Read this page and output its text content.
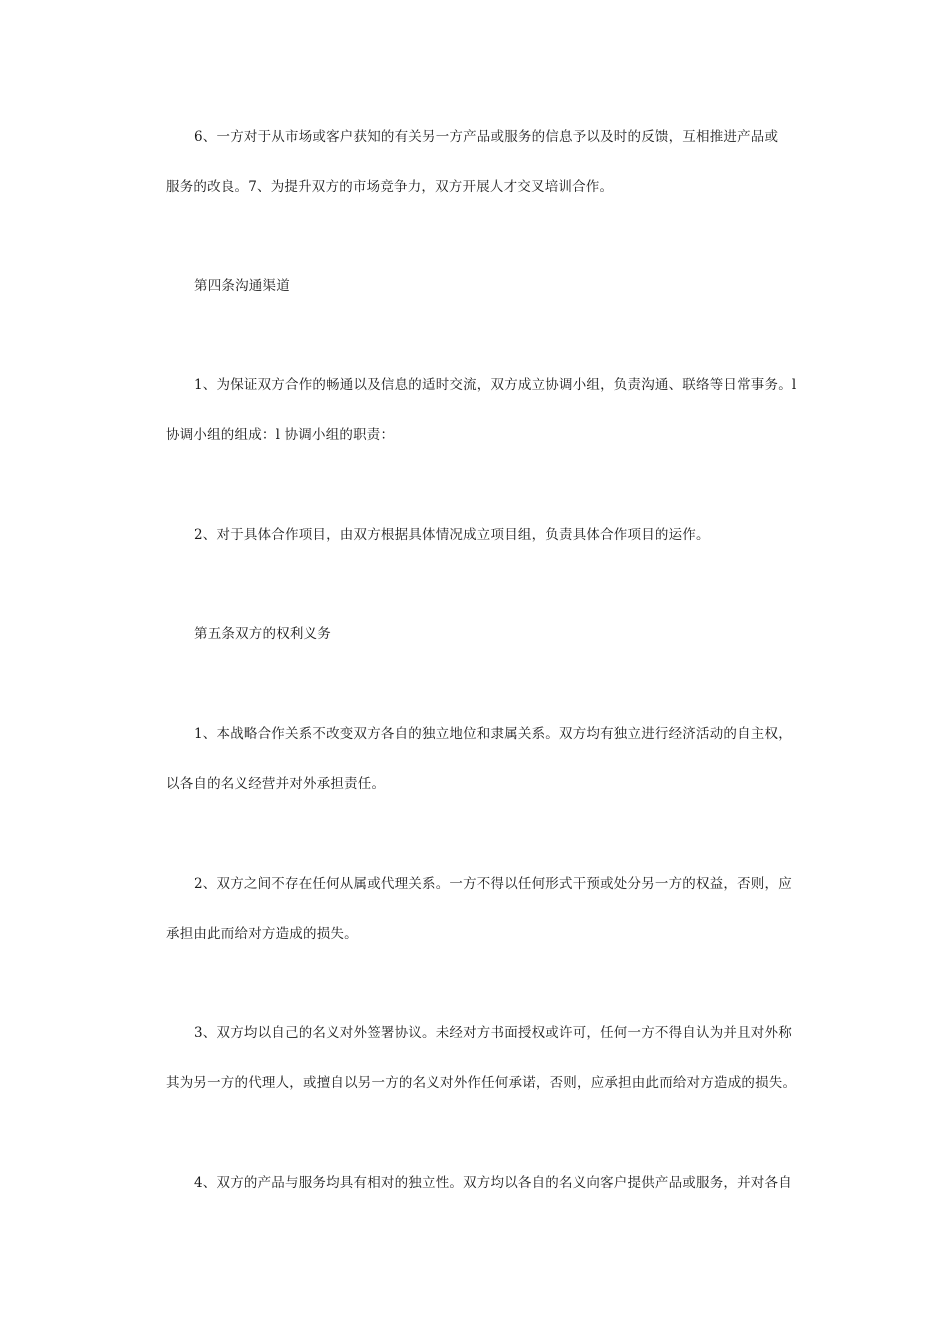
6、一方对于从市场或客户获知的有关另一方产品或服务的信息予以及时的反馈，互相推进产品或
服务的改良。7、为提升双方的市场竞争力，双方开展人才交叉培训合作。
第四条沟通渠道
1、为保证双方合作的畅通以及信息的适时交流，双方成立协调小组，负责沟通、联络等日常事务。l
协调小组的组成：l 协调小组的职责：
2、对于具体合作项目，由双方根据具体情况成立项目组，负责具体合作项目的运作。
第五条双方的权利义务
1、本战略合作关系不改变双方各自的独立地位和隶属关系。双方均有独立进行经济活动的自主权，
以各自的名义经营并对外承担责任。
2、双方之间不存在任何从属或代理关系。一方不得以任何形式干预或处分另一方的权益，否则，应
承担由此而给对方造成的损失。
3、双方均以自己的名义对外签署协议。未经对方书面授权或许可，任何一方不得自认为并且对外称
其为另一方的代理人，或擅自以另一方的名义对外作任何承诺，否则，应承担由此而给对方造成的损失。
4、双方的产品与服务均具有相对的独立性。双方均以各自的名义向客户提供产品或服务，并对各自
